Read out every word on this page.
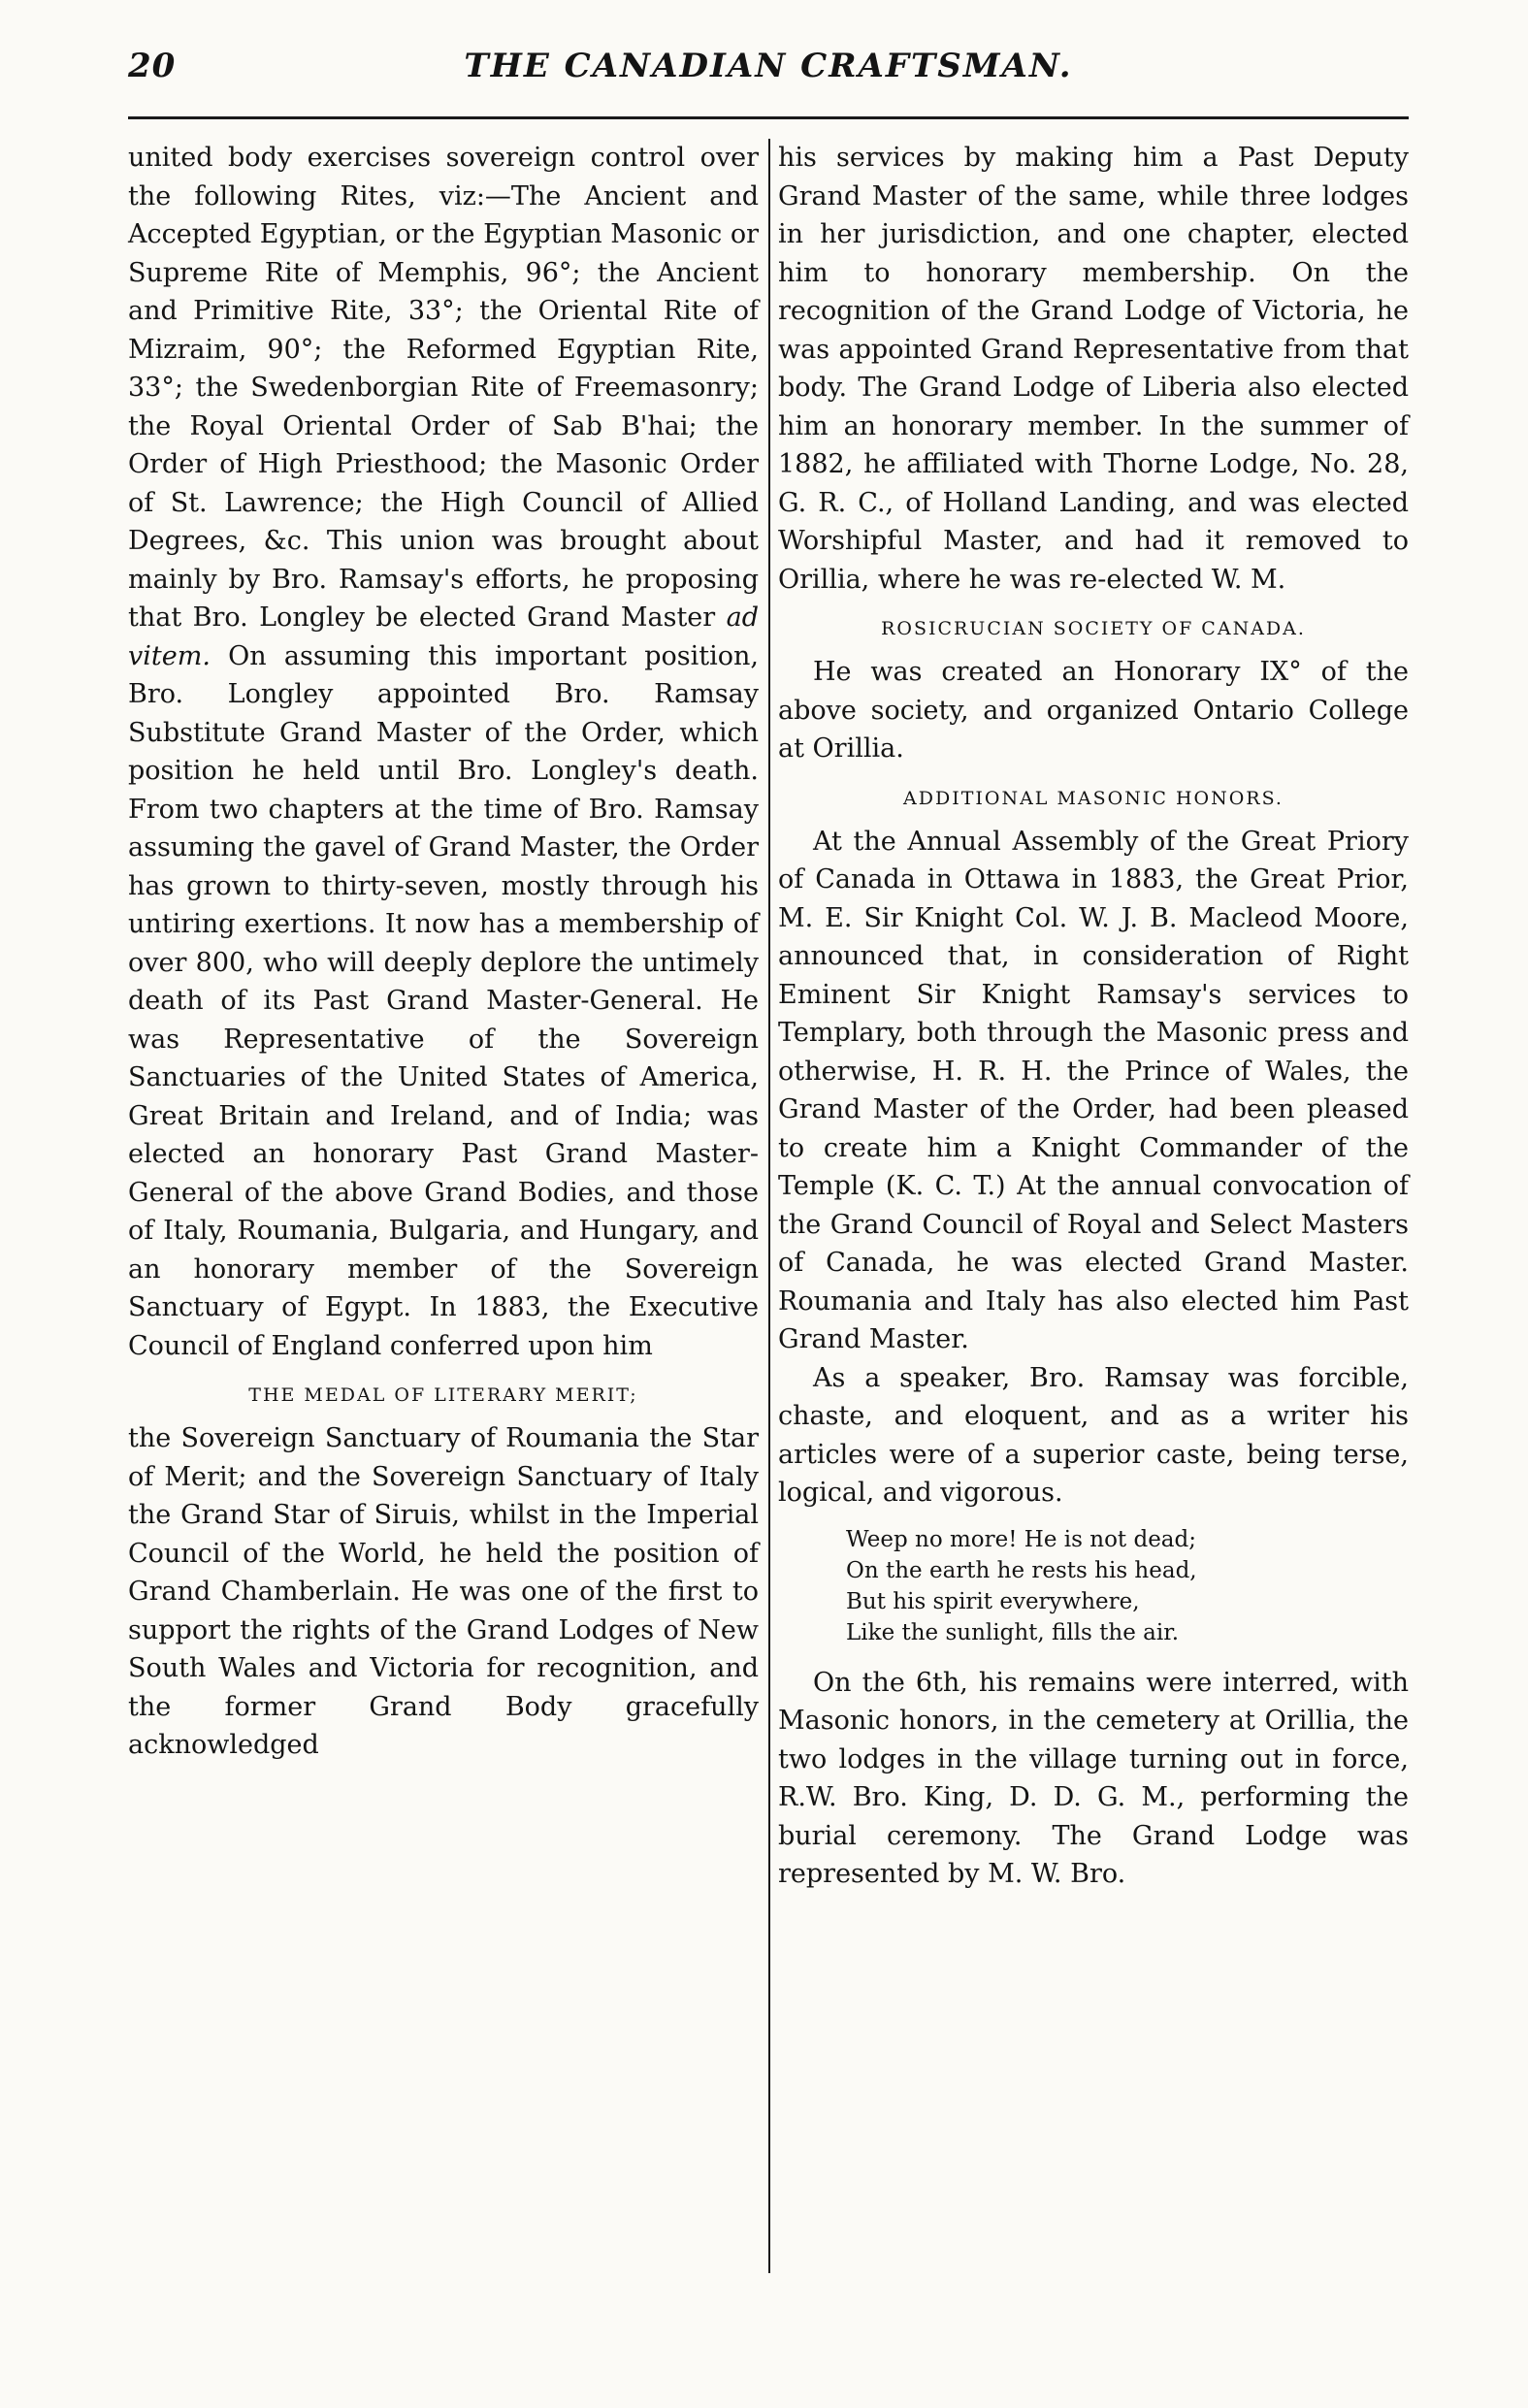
20	THE CANADIAN CRAFTSMAN.

united body exercises sovereign control over the following Rites, viz:—The Ancient and Accepted Egyptian, or the Egyptian Masonic or Supreme Rite of Memphis, 96°; the Ancient and Primitive Rite, 33°; the Oriental Rite of Mizraim, 90°; the Reformed Egyptian Rite, 33°; the Swedenborgian Rite of Freemasonry; the Royal Oriental Order of Sab B'hai; the Order of High Priesthood; the Masonic Order of St. Lawrence; the High Council of Allied Degrees, &c. This union was brought about mainly by Bro. Ramsay's efforts, he proposing that Bro. Longley be elected Grand Master ad vitem. On assuming this important position, Bro. Longley appointed Bro. Ramsay Substitute Grand Master of the Order, which position he held until Bro. Longley's death. From two chapters at the time of Bro. Ramsay assuming the gavel of Grand Master, the Order has grown to thirty-seven, mostly through his untiring exertions. It now has a membership of over 800, who will deeply deplore the untimely death of its Past Grand Master-General. He was Representative of the Sovereign Sanctuaries of the United States of America, Great Britain and Ireland, and of India; was elected an honorary Past Grand Master-General of the above Grand Bodies, and those of Italy, Roumania, Bulgaria, and Hungary, and an honorary member of the Sovereign Sanctuary of Egypt. In 1883, the Executive Council of England conferred upon him

THE MEDAL OF LITERARY MERIT;

the Sovereign Sanctuary of Roumania the Star of Merit; and the Sovereign Sanctuary of Italy the Grand Star of Siruis, whilst in the Imperial Council of the World, he held the position of Grand Chamberlain. He was one of the first to support the rights of the Grand Lodges of New South Wales and Victoria for recognition, and the former Grand Body gracefully acknowledged

his services by making him a Past Deputy Grand Master of the same, while three lodges in her jurisdiction, and one chapter, elected him to honorary membership. On the recognition of the Grand Lodge of Victoria, he was appointed Grand Representative from that body. The Grand Lodge of Liberia also elected him an honorary member. In the summer of 1882, he affiliated with Thorne Lodge, No. 28, G. R. C., of Holland Landing, and was elected Worshipful Master, and had it removed to Orillia, where he was re-elected W. M.

ROSICRUCIAN SOCIETY OF CANADA.

He was created an Honorary IX° of the above society, and organized Ontario College at Orillia.

ADDITIONAL MASONIC HONORS.

At the Annual Assembly of the Great Priory of Canada in Ottawa in 1883, the Great Prior, M. E. Sir Knight Col. W. J. B. Macleod Moore, announced that, in consideration of Right Eminent Sir Knight Ramsay's services to Templary, both through the Masonic press and otherwise, H. R. H. the Prince of Wales, the Grand Master of the Order, had been pleased to create him a Knight Commander of the Temple (K. C. T.) At the annual convocation of the Grand Council of Royal and Select Masters of Canada, he was elected Grand Master. Roumania and Italy has also elected him Past Grand Master.

As a speaker, Bro. Ramsay was forcible, chaste, and eloquent, and as a writer his articles were of a superior caste, being terse, logical, and vigorous.

Weep no more! He is not dead;
On the earth he rests his head,
But his spirit everywhere,
Like the sunlight, fills the air.

On the 6th, his remains were interred, with Masonic honors, in the cemetery at Orillia, the two lodges in the village turning out in force, R.W. Bro. King, D. D. G. M., performing the burial ceremony. The Grand Lodge was represented by M. W. Bro.
